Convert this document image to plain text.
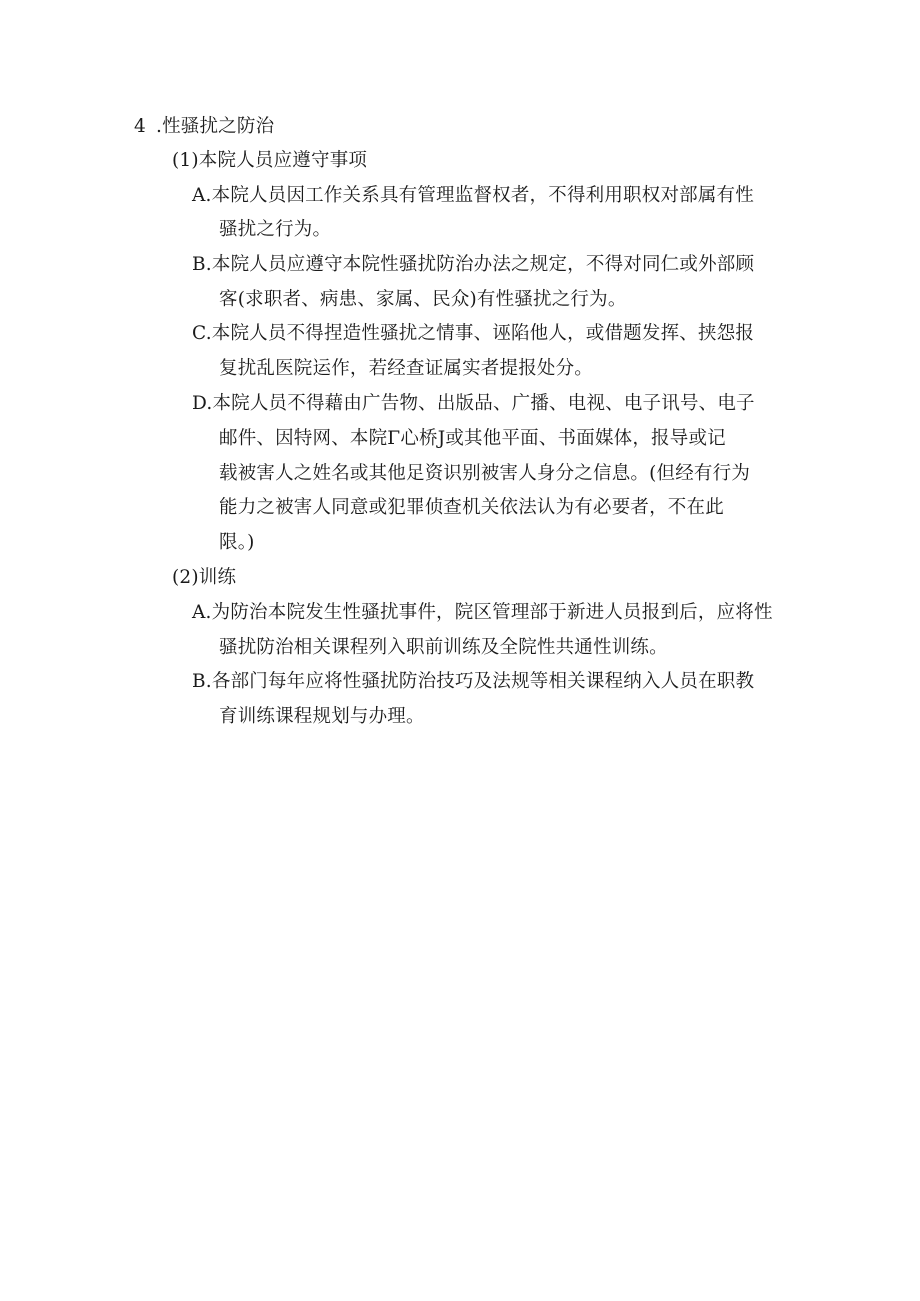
4 .性骚扰之防治
(1)本院人员应遵守事项
A.本院人员因工作关系具有管理监督权者，不得利用职权对部属有性
骚扰之行为。
B.本院人员应遵守本院性骚扰防治办法之规定，不得对同仁或外部顾
客(求职者、病患、家属、民众)有性骚扰之行为。
C.本院人员不得捏造性骚扰之情事、诬陷他人，或借题发挥、挟怨报
复扰乱医院运作，若经查证属实者提报处分。
D.本院人员不得藉由广告物、出版品、广播、电视、电子讯号、电子
邮件、因特网、本院Γ心桥J或其他平面、书面媒体，报导或记
载被害人之姓名或其他足资识别被害人身分之信息。(但经有行为
能力之被害人同意或犯罪侦查机关依法认为有必要者，不在此
限。)
(2)训练
A.为防治本院发生性骚扰事件，院区管理部于新进人员报到后，应将性
骚扰防治相关课程列入职前训练及全院性共通性训练。
B.各部门每年应将性骚扰防治技巧及法规等相关课程纳入人员在职教
育训练课程规划与办理。
